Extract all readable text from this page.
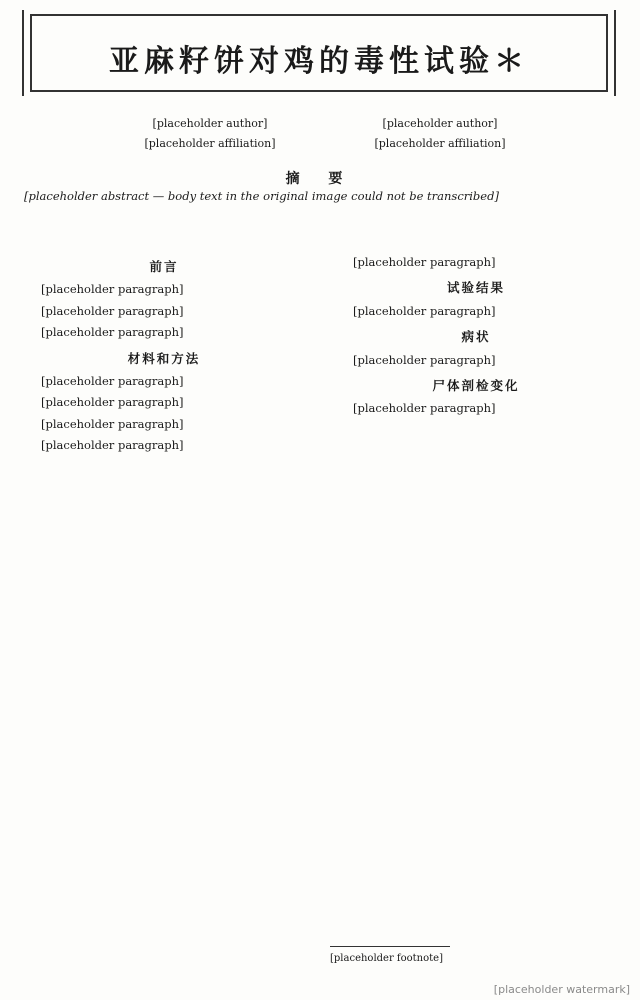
亚麻籽饼对鸡的毒性试验＊
[placeholder author]
[placeholder affiliation]
[placeholder author]
[placeholder affiliation]
摘 要
[placeholder abstract — body text in the original image could not be transcribed]
前言

[placeholder paragraph]

[placeholder paragraph]

[placeholder paragraph]

材料和方法

[placeholder paragraph]

[placeholder paragraph]

[placeholder paragraph]

[placeholder paragraph]

[placeholder paragraph]

试验结果

[placeholder paragraph]

病状

[placeholder paragraph]

尸体剖检变化

[placeholder paragraph]

[placeholder footnote]
[placeholder watermark]
